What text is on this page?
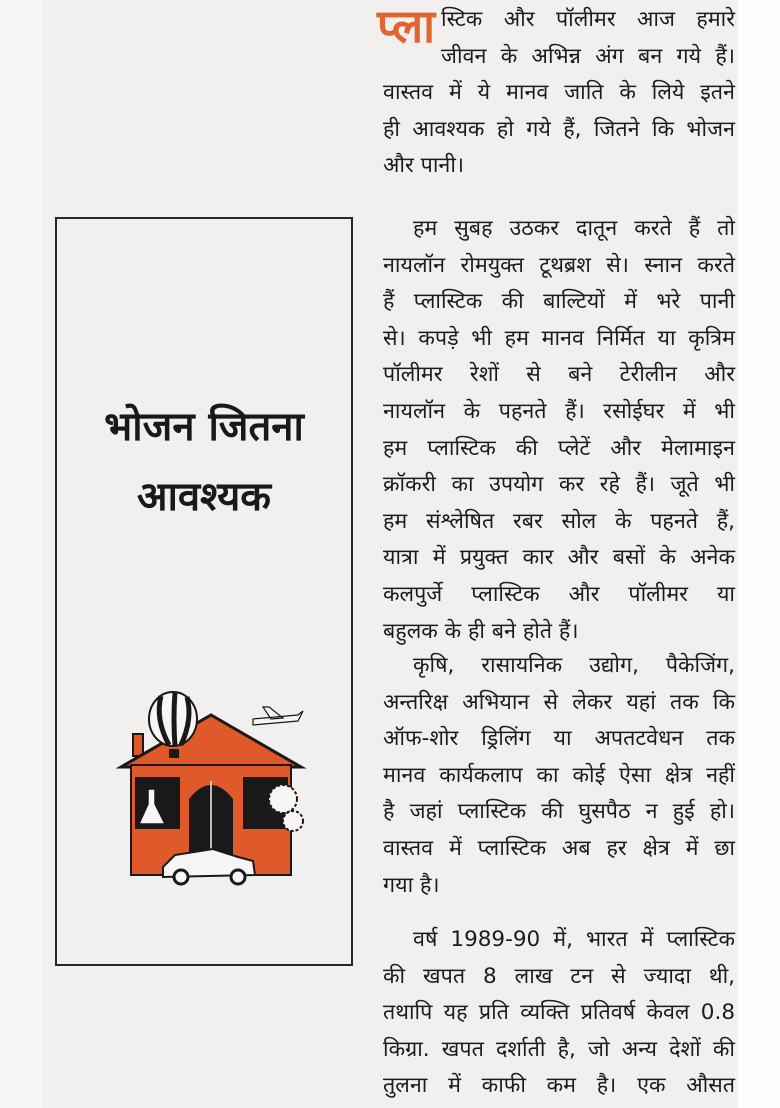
भोजन जितना
आवश्यक
प्ला स्टिक और पॉलीमर आज हमारे
जीवन के अभिन्न अंग बन गये हैं।
वास्तव में ये मानव जाति के लिये इतने
ही आवश्यक हो गये हैं, जितने कि भोजन
और पानी।
हम सुबह उठकर दातून करते हैं तो
नायलॉन रोमयुक्त टूथब्रश से। स्नान करते
हैं प्लास्टिक की बाल्टियों में भरे पानी
से। कपड़े भी हम मानव निर्मित या कृत्रिम
पॉलीमर रेशों से बने टेरीलीन और
नायलॉन के पहनते हैं। रसोईघर में भी
हम प्लास्टिक की प्लेटें और मेलामाइन
क्रॉकरी का उपयोग कर रहे हैं। जूते भी
हम संश्लेषित रबर सोल के पहनते हैं,
यात्रा में प्रयुक्त कार और बसों के अनेक
कलपुर्जे प्लास्टिक और पॉलीमर या
बहुलक के ही बने होते हैं।
कृषि, रासायनिक उद्योग, पैकेजिंग,
अन्तरिक्ष अभियान से लेकर यहां तक कि
ऑफ-शोर ड्रिलिंग या अपतटवेधन तक
मानव कार्यकलाप का कोई ऐसा क्षेत्र नहीं
है जहां प्लास्टिक की घुसपैठ न हुई हो।
वास्तव में प्लास्टिक अब हर क्षेत्र में छा
गया है।
वर्ष 1989-90 में, भारत में प्लास्टिक
की खपत 8 लाख टन से ज्यादा थी,
तथापि यह प्रति व्यक्ति प्रतिवर्ष केवल 0.8
किग्रा. खपत दर्शाती है, जो अन्य देशों की
तुलना में काफी कम है। एक औसत
